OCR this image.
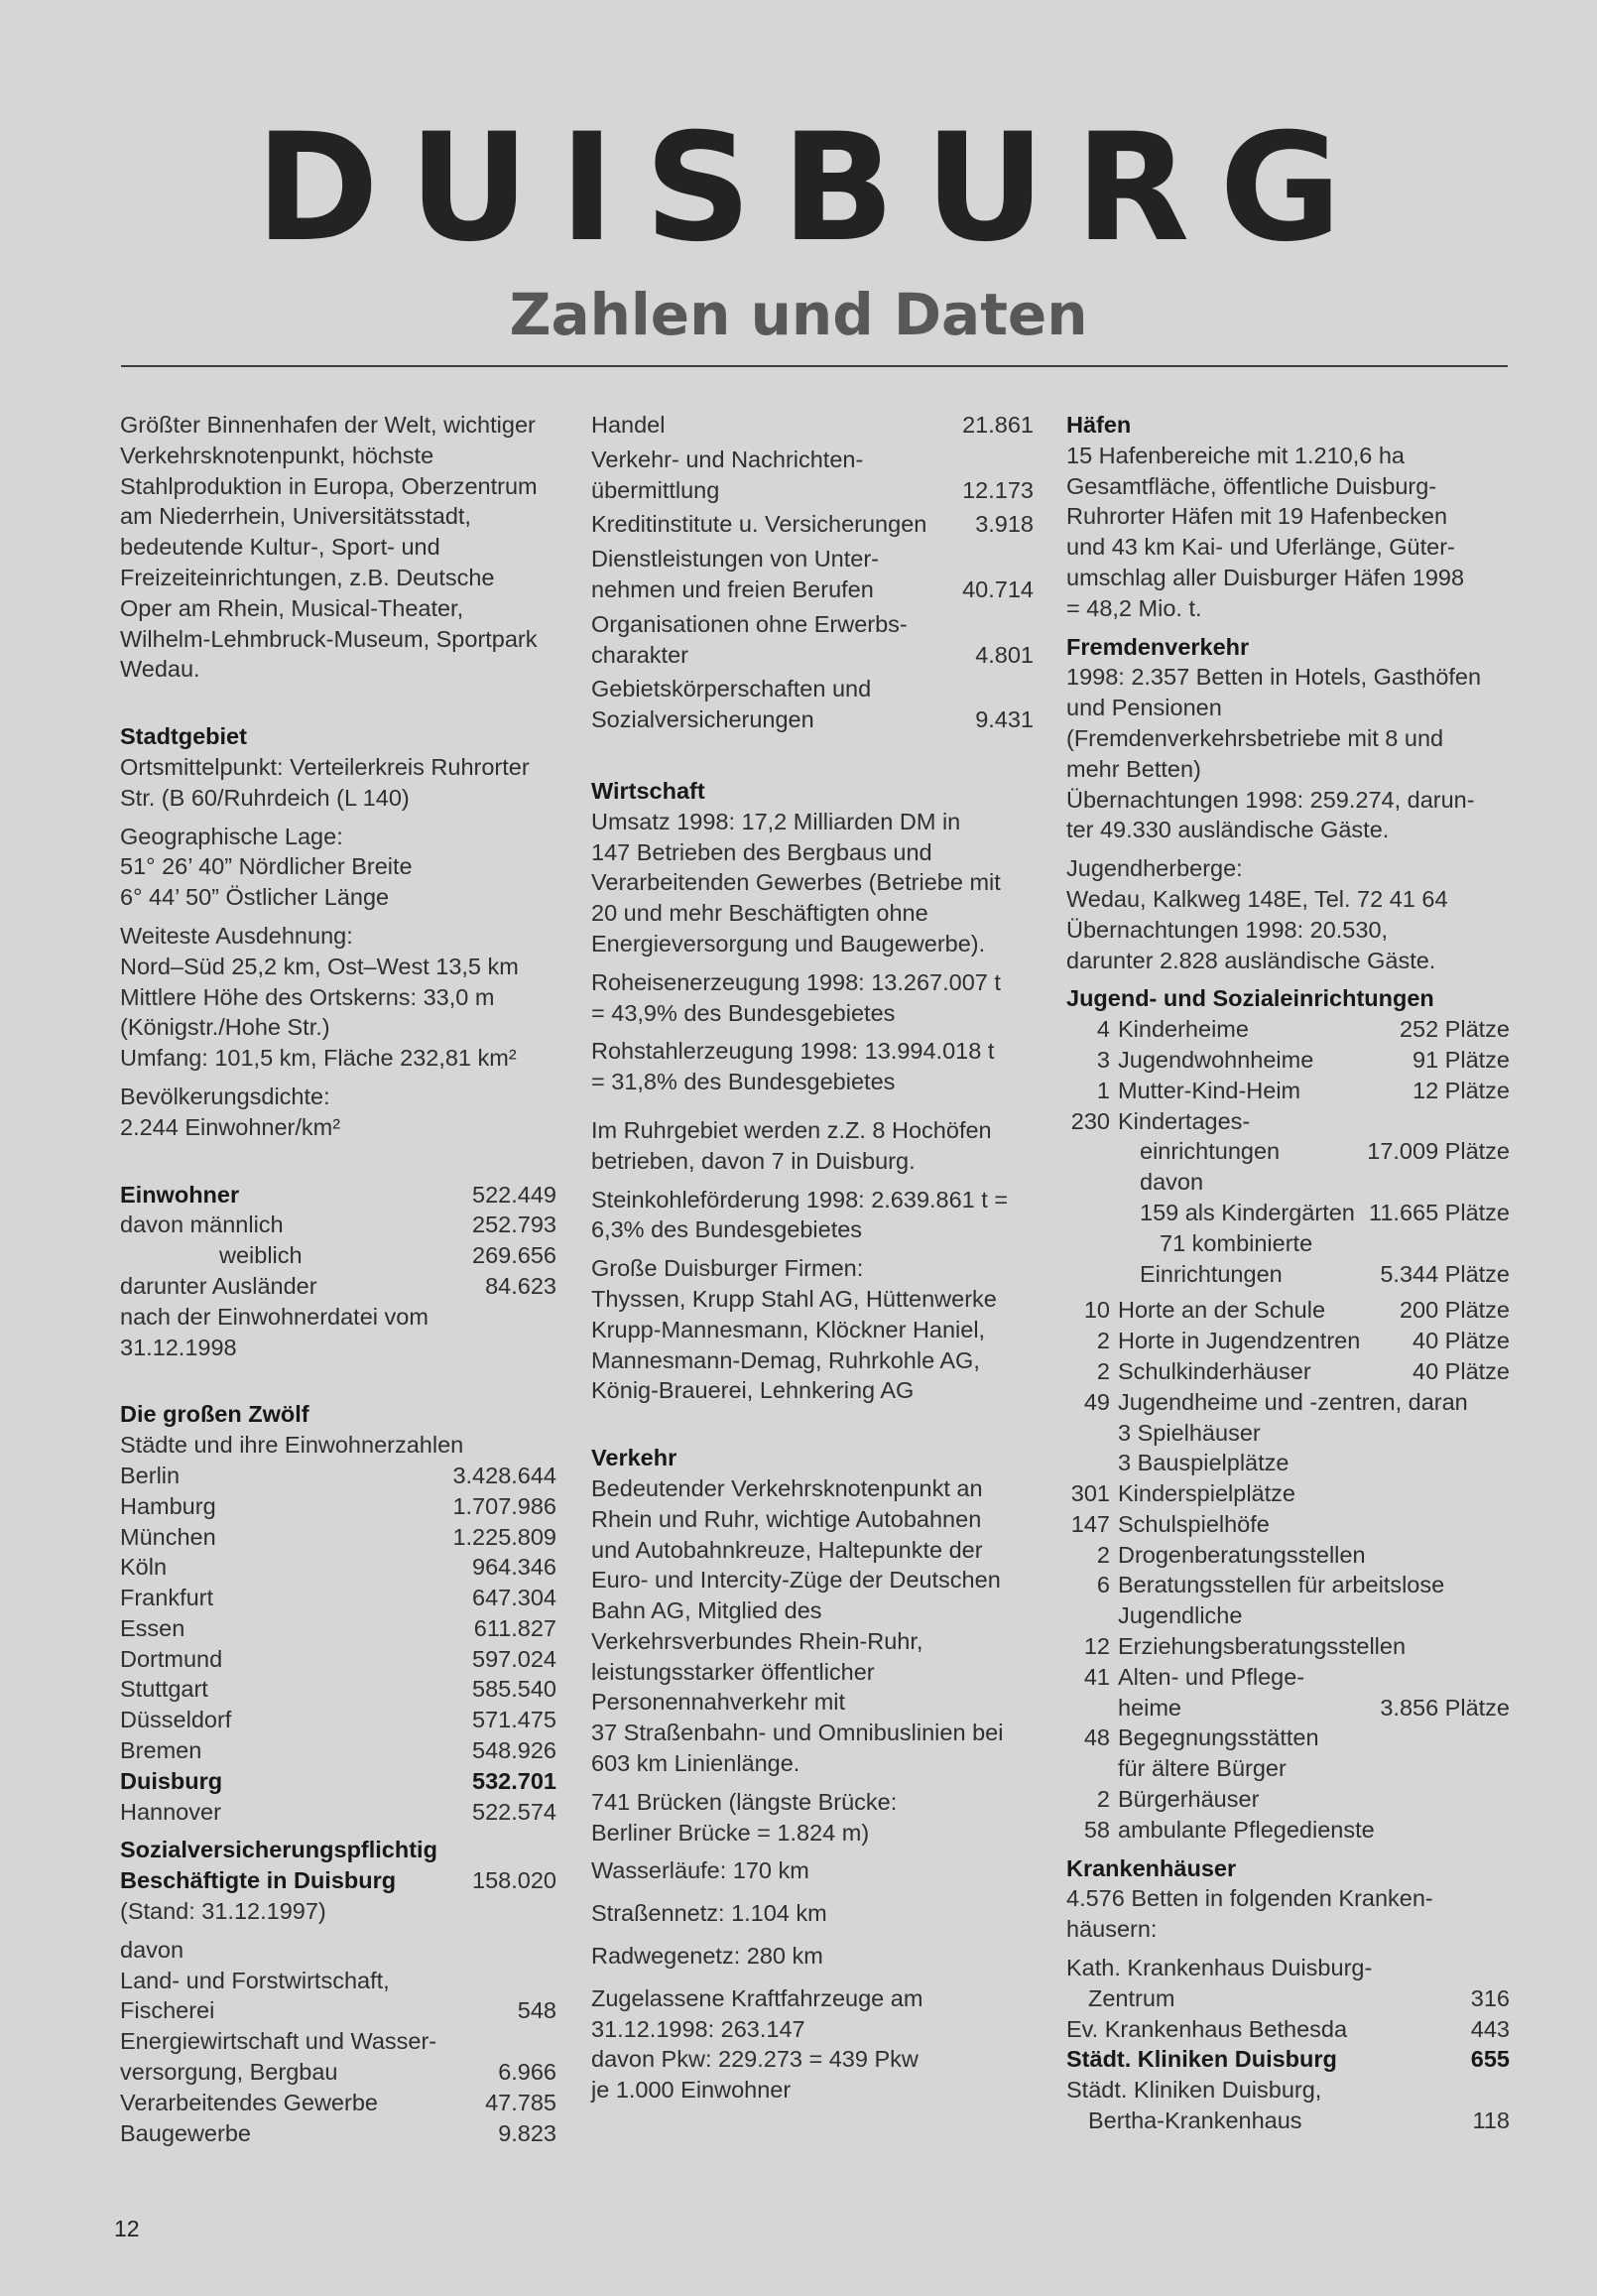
DUISBURG
Zahlen und Daten

Größter Binnenhafen der Welt, wichtiger

Verkehrsknotenpunkt, höchste

Stahlproduktion in Europa, Oberzentrum

am Niederrhein, Universitätsstadt,

bedeutende Kultur-, Sport- und

Freizeiteinrichtungen, z.B. Deutsche

Oper am Rhein, Musical-Theater,

Wilhelm-Lehmbruck-Museum, Sportpark

Wedau.

Stadtgebiet

Ortsmittelpunkt: Verteilerkreis Ruhrorter

Str. (B 60/Ruhrdeich (L 140)

Geographische Lage:

51° 26’ 40” Nördlicher Breite

6° 44’ 50” Östlicher Länge

Weiteste Ausdehnung:

Nord–Süd 25,2 km, Ost–West 13,5 km

Mittlere Höhe des Ortskerns: 33,0 m

(Königstr./Hohe Str.)

Umfang: 101,5 km, Fläche 232,81 km²

Bevölkerungsdichte:

2.244 Einwohner/km²

Einwohner	522.449
davon männlich	252.793
weiblich	269.656
darunter Ausländer	84.623

nach der Einwohnerdatei vom

31.12.1998

Die großen Zwölf

Städte und ihre Einwohnerzahlen

Berlin	3.428.644
Hamburg	1.707.986
München	1.225.809
Köln	964.346
Frankfurt	647.304
Essen	611.827
Dortmund	597.024
Stuttgart	585.540
Düsseldorf	571.475
Bremen	548.926
Duisburg	532.701
Hannover	522.574

Sozialversicherungspflichtig

Beschäftigte in Duisburg	158.020

(Stand: 31.12.1997)

davon

Land- und Forstwirtschaft,

Fischerei	548

Energiewirtschaft und Wasser-

versorgung, Bergbau	6.966
Verarbeitendes Gewerbe	47.785
Baugewerbe	9.823
Handel	21.861

Verkehr- und Nachrichten-

übermittlung	12.173
Kreditinstitute u. Versicherungen	3.918

Dienstleistungen von Unter-

nehmen und freien Berufen	40.714

Organisationen ohne Erwerbs-

charakter	4.801

Gebietskörperschaften und

Sozialversicherungen	9.431

Wirtschaft

Umsatz 1998: 17,2 Milliarden DM in

147 Betrieben des Bergbaus und

Verarbeitenden Gewerbes (Betriebe mit

20 und mehr Beschäftigten ohne

Energieversorgung und Baugewerbe).

Roheisenerzeugung 1998: 13.267.007 t

= 43,9% des Bundesgebietes

Rohstahlerzeugung 1998: 13.994.018 t

= 31,8% des Bundesgebietes

Im Ruhrgebiet werden z.Z. 8 Hochöfen

betrieben, davon 7 in Duisburg.

Steinkohleförderung 1998: 2.639.861 t =

6,3% des Bundesgebietes

Große Duisburger Firmen:

Thyssen, Krupp Stahl AG, Hüttenwerke

Krupp-Mannesmann, Klöckner Haniel,

Mannesmann-Demag, Ruhrkohle AG,

König-Brauerei, Lehnkering AG

Verkehr

Bedeutender Verkehrsknotenpunkt an

Rhein und Ruhr, wichtige Autobahnen

und Autobahnkreuze, Haltepunkte der

Euro- und Intercity-Züge der Deutschen

Bahn AG, Mitglied des

Verkehrsverbundes Rhein-Ruhr,

leistungsstarker öffentlicher

Personennahverkehr mit

37 Straßenbahn- und Omnibuslinien bei

603 km Linienlänge.

741 Brücken (längste Brücke:

Berliner Brücke = 1.824 m)

Wasserläufe: 170 km

Straßennetz: 1.104 km

Radwegenetz: 280 km

Zugelassene Kraftfahrzeuge am

31.12.1998: 263.147

davon Pkw: 229.273 = 439 Pkw

je 1.000 Einwohner

Häfen

15 Hafenbereiche mit 1.210,6 ha

Gesamtfläche, öffentliche Duisburg-

Ruhrorter Häfen mit 19 Hafenbecken

und 43 km Kai- und Uferlänge, Güter-

umschlag aller Duisburger Häfen 1998

= 48,2 Mio. t.

Fremdenverkehr

1998: 2.357 Betten in Hotels, Gasthöfen

und Pensionen

(Fremdenverkehrsbetriebe mit 8 und

mehr Betten)

Übernachtungen 1998: 259.274, darun-

ter 49.330 ausländische Gäste.

Jugendherberge:

Wedau, Kalkweg 148E, Tel. 72 41 64

Übernachtungen 1998: 20.530,

darunter 2.828 ausländische Gäste.

Jugend- und Sozialeinrichtungen

4 Kinderheime	252 Plätze
3 Jugendwohnheime	91 Plätze
1 Mutter-Kind-Heim	12 Plätze
230 Kindertages-
einrichtungen	17.009 Plätze
davon
159 als Kindergärten 11.665 Plätze
71 kombinierte
Einrichtungen	5.344 Plätze
10 Horte an der Schule	200 Plätze
2 Horte in Jugendzentren	40 Plätze
2 Schulkinderhäuser	40 Plätze
49 Jugendheime und -zentren, daran
3 Spielhäuser
3 Bauspielplätze
301 Kinderspielplätze
147 Schulspielhöfe
2 Drogenberatungsstellen
6 Beratungsstellen für arbeitslose
Jugendliche
12 Erziehungsberatungsstellen
41 Alten- und Pflege-
heime	3.856 Plätze
48 Begegnungsstätten
für ältere Bürger
2 Bürgerhäuser
58 ambulante Pflegedienste

Krankenhäuser

4.576 Betten in folgenden Kranken-

häusern:

Kath. Krankenhaus Duisburg-

Zentrum	316
Ev. Krankenhaus Bethesda	443
Städt. Kliniken Duisburg	655

Städt. Kliniken Duisburg,

Bertha-Krankenhaus	118
12
